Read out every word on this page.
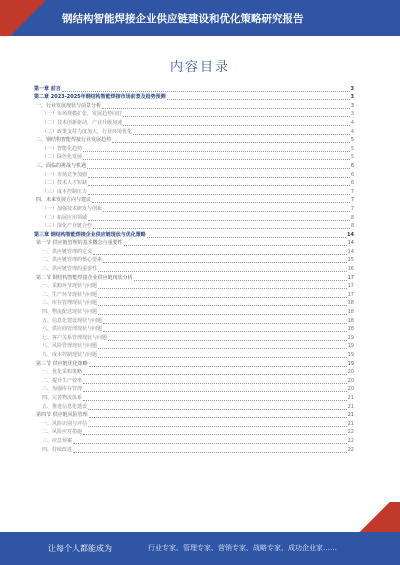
钢结构智能焊接企业供应链建设和优化策略研究报告
内容目录
第一章 前言	3
第二章 2023-2025年钢结构智能焊接市场前景及趋势预测	3
一、行业发展现状与前景分析	3
（一）市场规模扩张，发展趋势向好	3
（二）技术创新驱动，产业升级加速	4
（三）政策支持力度加大，行业环境优化	4
二、钢结构智能焊接行业发展趋势	5
（一）智能化趋势	5
（二）绿色化发展	5
三、面临的挑战与机遇	6
（一）市场竞争加剧	6
（二）技术人才短缺	6
（三）成本控制压力	7
四、未来发展方向与建议	7
（一）加强技术研发与创新	7
（二）拓展应用领域	8
（三）深化产业链合作	8
第三章 钢结构智能焊接企业供应链现状与优化策略	14
第一节 供应链管理的基本概念与重要性	14
一、供应链管理的定义	14
二、供应链管理的核心要素	15
三、供应链管理的重要性	16
第二节 钢结构智能焊接企业供应链现状分析	17
一、采购环节现状与问题	17
二、生产环节现状与问题	17
三、库存管理现状与问题	18
四、物流配送现状与问题	18
五、信息化建设现状与问题	18
六、供应商管理现状与问题	18
七、客户关系管理现状与问题	19
八、风险管理现状与问题	19
九、成本控制现状与问题	19
第三节 供应链优化策略	19
一、优化采购策略	20
二、提升生产效率	20
三、加强库存管理	20
四、完善物流体系	21
五、推进信息化建设	21
第四节 供应链风险管理	21
一、风险识别与评估	21
二、风险应对措施	22
三、应急预案	22
四、持续改进	22
让每个人都能成为	行业专家、管理专家、营销专家、战略专家、成功企业家……
